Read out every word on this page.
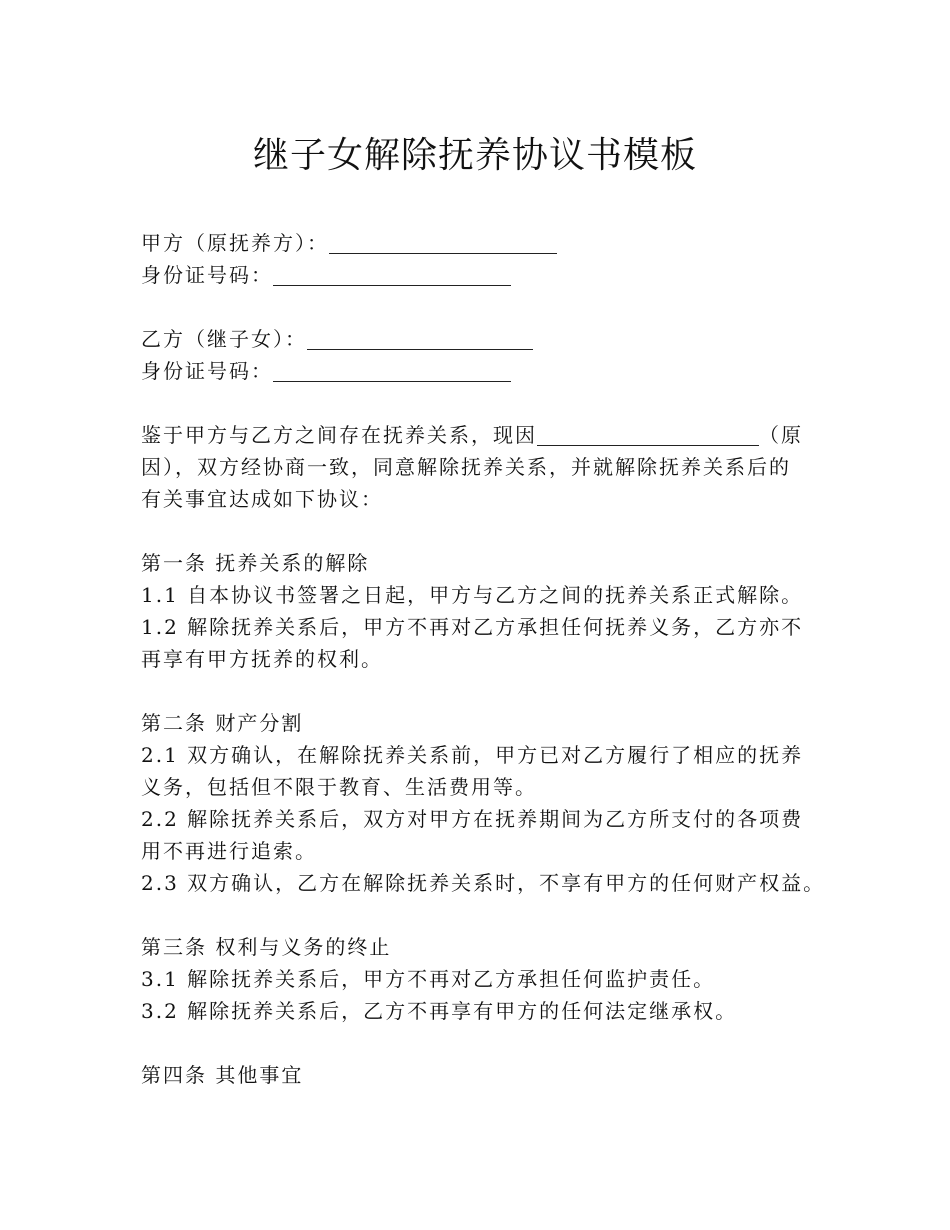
继子女解除抚养协议书模板
甲方（原抚养方）：
身份证号码：
乙方（继子女）：
身份证号码：
鉴于甲方与乙方之间存在抚养关系，现因	（原
因），双方经协商一致，同意解除抚养关系，并就解除抚养关系后的
有关事宜达成如下协议：
第一条 抚养关系的解除
1.1 自本协议书签署之日起，甲方与乙方之间的抚养关系正式解除。
1.2 解除抚养关系后，甲方不再对乙方承担任何抚养义务，乙方亦不
再享有甲方抚养的权利。
第二条 财产分割
2.1 双方确认，在解除抚养关系前，甲方已对乙方履行了相应的抚养
义务，包括但不限于教育、生活费用等。
2.2 解除抚养关系后，双方对甲方在抚养期间为乙方所支付的各项费
用不再进行追索。
2.3 双方确认，乙方在解除抚养关系时，不享有甲方的任何财产权益。
第三条 权利与义务的终止
3.1 解除抚养关系后，甲方不再对乙方承担任何监护责任。
3.2 解除抚养关系后，乙方不再享有甲方的任何法定继承权。
第四条 其他事宜
